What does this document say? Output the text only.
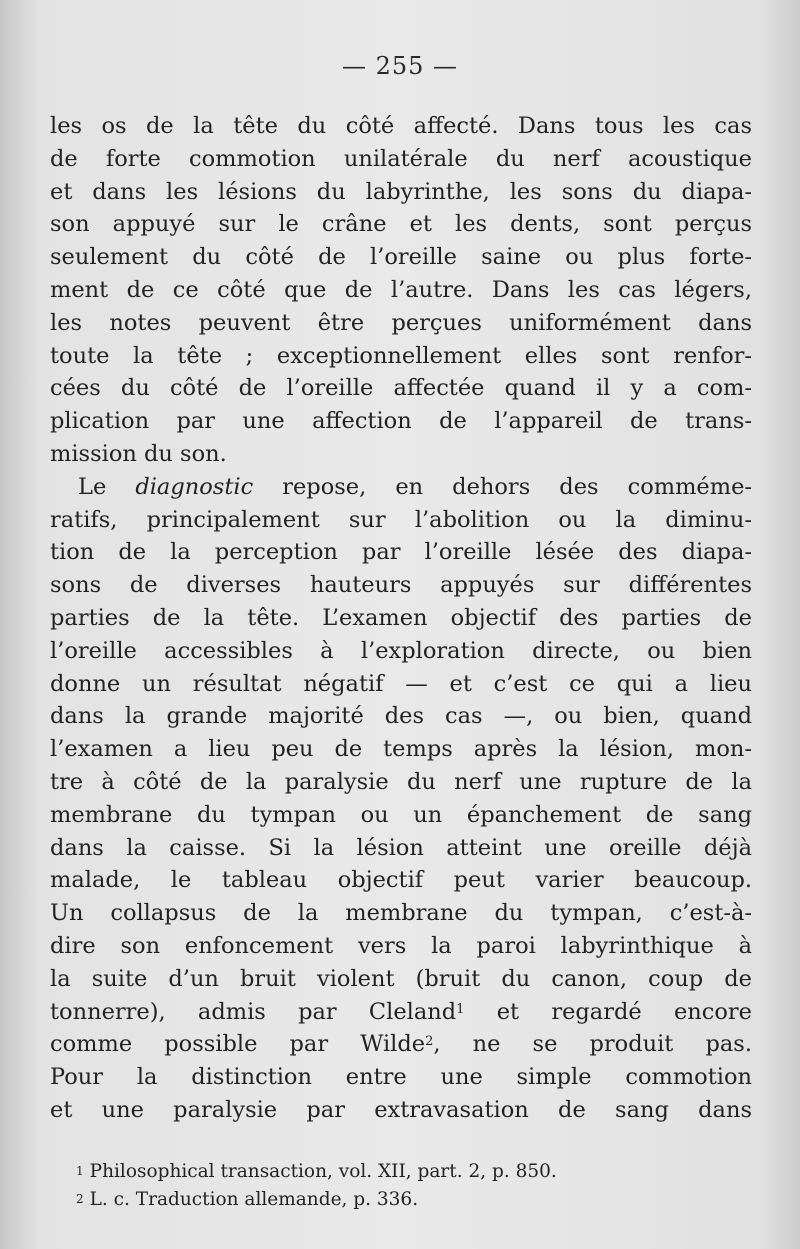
— 255 —
les os de la tête du côté affecté. Dans tous les cas
de forte commotion unilatérale du nerf acoustique
et dans les lésions du labyrinthe, les sons du diapa-
son appuyé sur le crâne et les dents, sont perçus
seulement du côté de l’oreille saine ou plus forte-
ment de ce côté que de l’autre. Dans les cas légers,
les notes peuvent être perçues uniformément dans
toute la tête ; exceptionnellement elles sont renfor-
cées du côté de l’oreille affectée quand il y a com-
plication par une affection de l’appareil de trans-
mission du son.
Le diagnostic repose, en dehors des comméme-
ratifs, principalement sur l’abolition ou la diminu-
tion de la perception par l’oreille lésée des diapa-
sons de diverses hauteurs appuyés sur différentes
parties de la tête. L’examen objectif des parties de
l’oreille accessibles à l’exploration directe, ou bien
donne un résultat négatif — et c’est ce qui a lieu
dans la grande majorité des cas —, ou bien, quand
l’examen a lieu peu de temps après la lésion, mon-
tre à côté de la paralysie du nerf une rupture de la
membrane du tympan ou un épanchement de sang
dans la caisse. Si la lésion atteint une oreille déjà
malade, le tableau objectif peut varier beaucoup.
Un collapsus de la membrane du tympan, c’est-à-
dire son enfoncement vers la paroi labyrinthique à
la suite d’un bruit violent (bruit du canon, coup de
tonnerre), admis par Cleland$^1$ et regardé encore
comme possible par Wilde$^2$, ne se produit pas.
Pour la distinction entre une simple commotion
et une paralysie par extravasation de sang dans
$^1$ Philosophical transaction, vol. XII, part. 2, p. 850.
$^2$ L. c. Traduction allemande, p. 336.
